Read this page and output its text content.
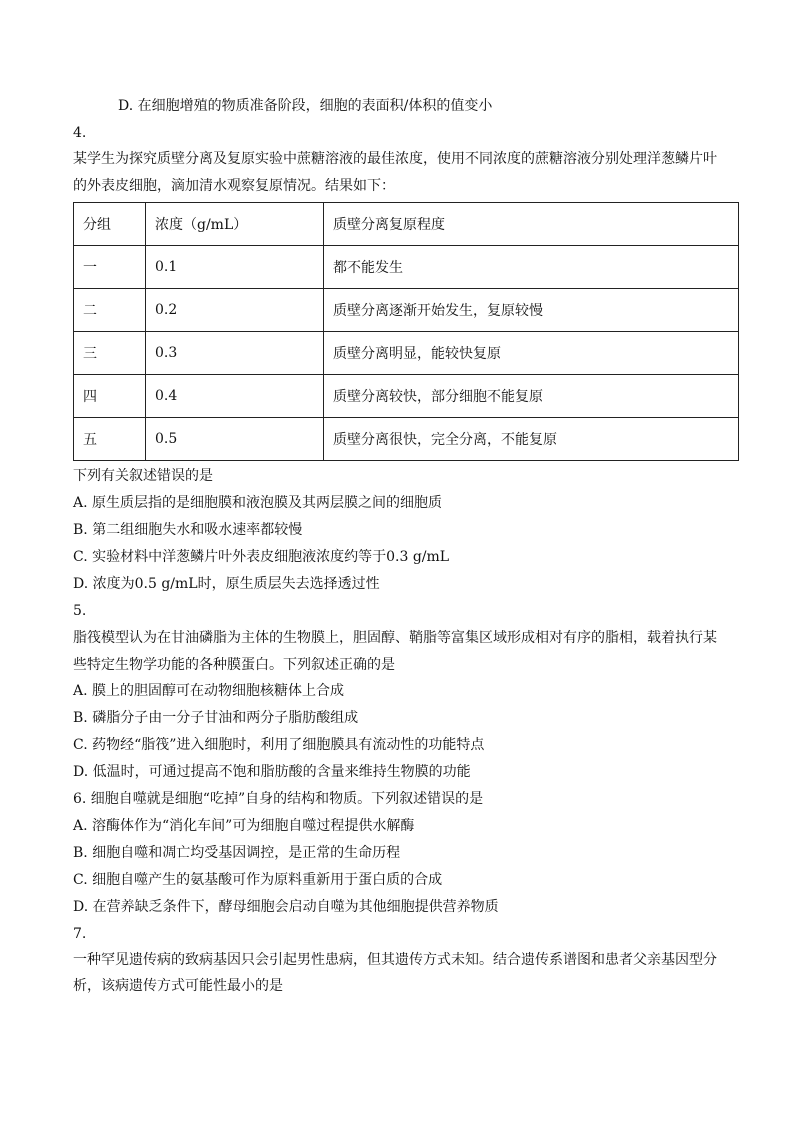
D. 在细胞增殖的物质准备阶段，细胞的表面积/体积的值变小
4.
某学生为探究质壁分离及复原实验中蔗糖溶液的最佳浓度，使用不同浓度的蔗糖溶液分别处理洋葱鳞片叶
的外表皮细胞，滴加清水观察复原情况。结果如下：
分组	浓度（g/mL）	质壁分离复原程度
一	0.1	都不能发生
二	0.2	质壁分离逐渐开始发生，复原较慢
三	0.3	质壁分离明显，能较快复原
四	0.4	质壁分离较快，部分细胞不能复原
五	0.5	质壁分离很快，完全分离，不能复原
下列有关叙述错误的是
A. 原生质层指的是细胞膜和液泡膜及其两层膜之间的细胞质
B. 第二组细胞失水和吸水速率都较慢
C. 实验材料中洋葱鳞片叶外表皮细胞液浓度约等于0.3 g/mL
D. 浓度为0.5 g/mL时，原生质层失去选择透过性
5.
脂筏模型认为在甘油磷脂为主体的生物膜上，胆固醇、鞘脂等富集区域形成相对有序的脂相，载着执行某
些特定生物学功能的各种膜蛋白。下列叙述正确的是
A. 膜上的胆固醇可在动物细胞核糖体上合成
B. 磷脂分子由一分子甘油和两分子脂肪酸组成
C. 药物经“脂筏”进入细胞时，利用了细胞膜具有流动性的功能特点
D. 低温时，可通过提高不饱和脂肪酸的含量来维持生物膜的功能
6. 细胞自噬就是细胞“吃掉”自身的结构和物质。下列叙述错误的是
A. 溶酶体作为“消化车间”可为细胞自噬过程提供水解酶
B. 细胞自噬和凋亡均受基因调控，是正常的生命历程
C. 细胞自噬产生的氨基酸可作为原料重新用于蛋白质的合成
D. 在营养缺乏条件下，酵母细胞会启动自噬为其他细胞提供营养物质
7.
一种罕见遗传病的致病基因只会引起男性患病，但其遗传方式未知。结合遗传系谱图和患者父亲基因型分
析，该病遗传方式可能性最小的是
